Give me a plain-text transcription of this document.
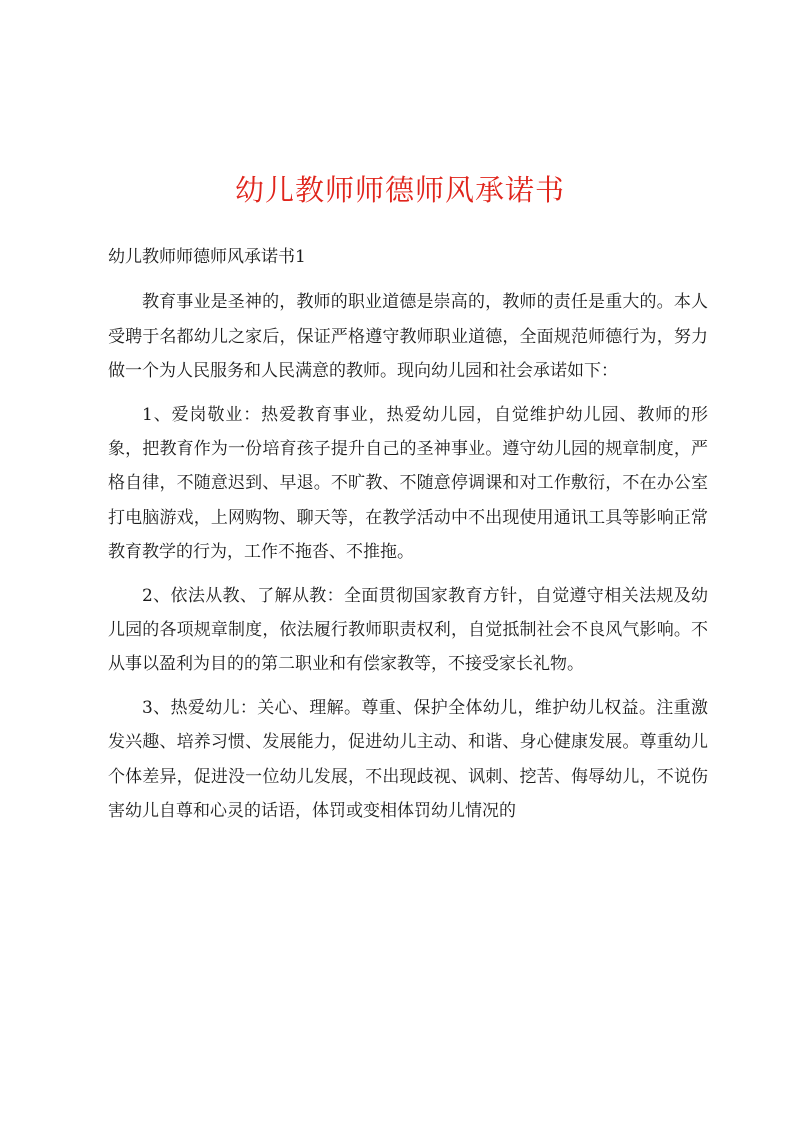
幼儿教师师德师风承诺书

幼儿教师师德师风承诺书1

教育事业是圣神的，教师的职业道德是崇高的，教师的责任是重大的。本人受聘于名都幼儿之家后，保证严格遵守教师职业道德，全面规范师德行为，努力做一个为人民服务和人民满意的教师。现向幼儿园和社会承诺如下：

1、爱岗敬业：热爱教育事业，热爱幼儿园，自觉维护幼儿园、教师的形象，把教育作为一份培育孩子提升自己的圣神事业。遵守幼儿园的规章制度，严格自律，不随意迟到、早退。不旷教、不随意停调课和对工作敷衍，不在办公室打电脑游戏，上网购物、聊天等，在教学活动中不出现使用通讯工具等影响正常教育教学的行为，工作不拖沓、不推拖。

2、依法从教、了解从教：全面贯彻国家教育方针，自觉遵守相关法规及幼儿园的各项规章制度，依法履行教师职责权利，自觉抵制社会不良风气影响。不从事以盈利为目的的第二职业和有偿家教等，不接受家长礼物。

3、热爱幼儿：关心、理解。尊重、保护全体幼儿，维护幼儿权益。注重激发兴趣、培养习惯、发展能力，促进幼儿主动、和谐、身心健康发展。尊重幼儿个体差异，促进没一位幼儿发展，不出现歧视、讽刺、挖苦、侮辱幼儿，不说伤害幼儿自尊和心灵的话语，体罚或变相体罚幼儿情况的
